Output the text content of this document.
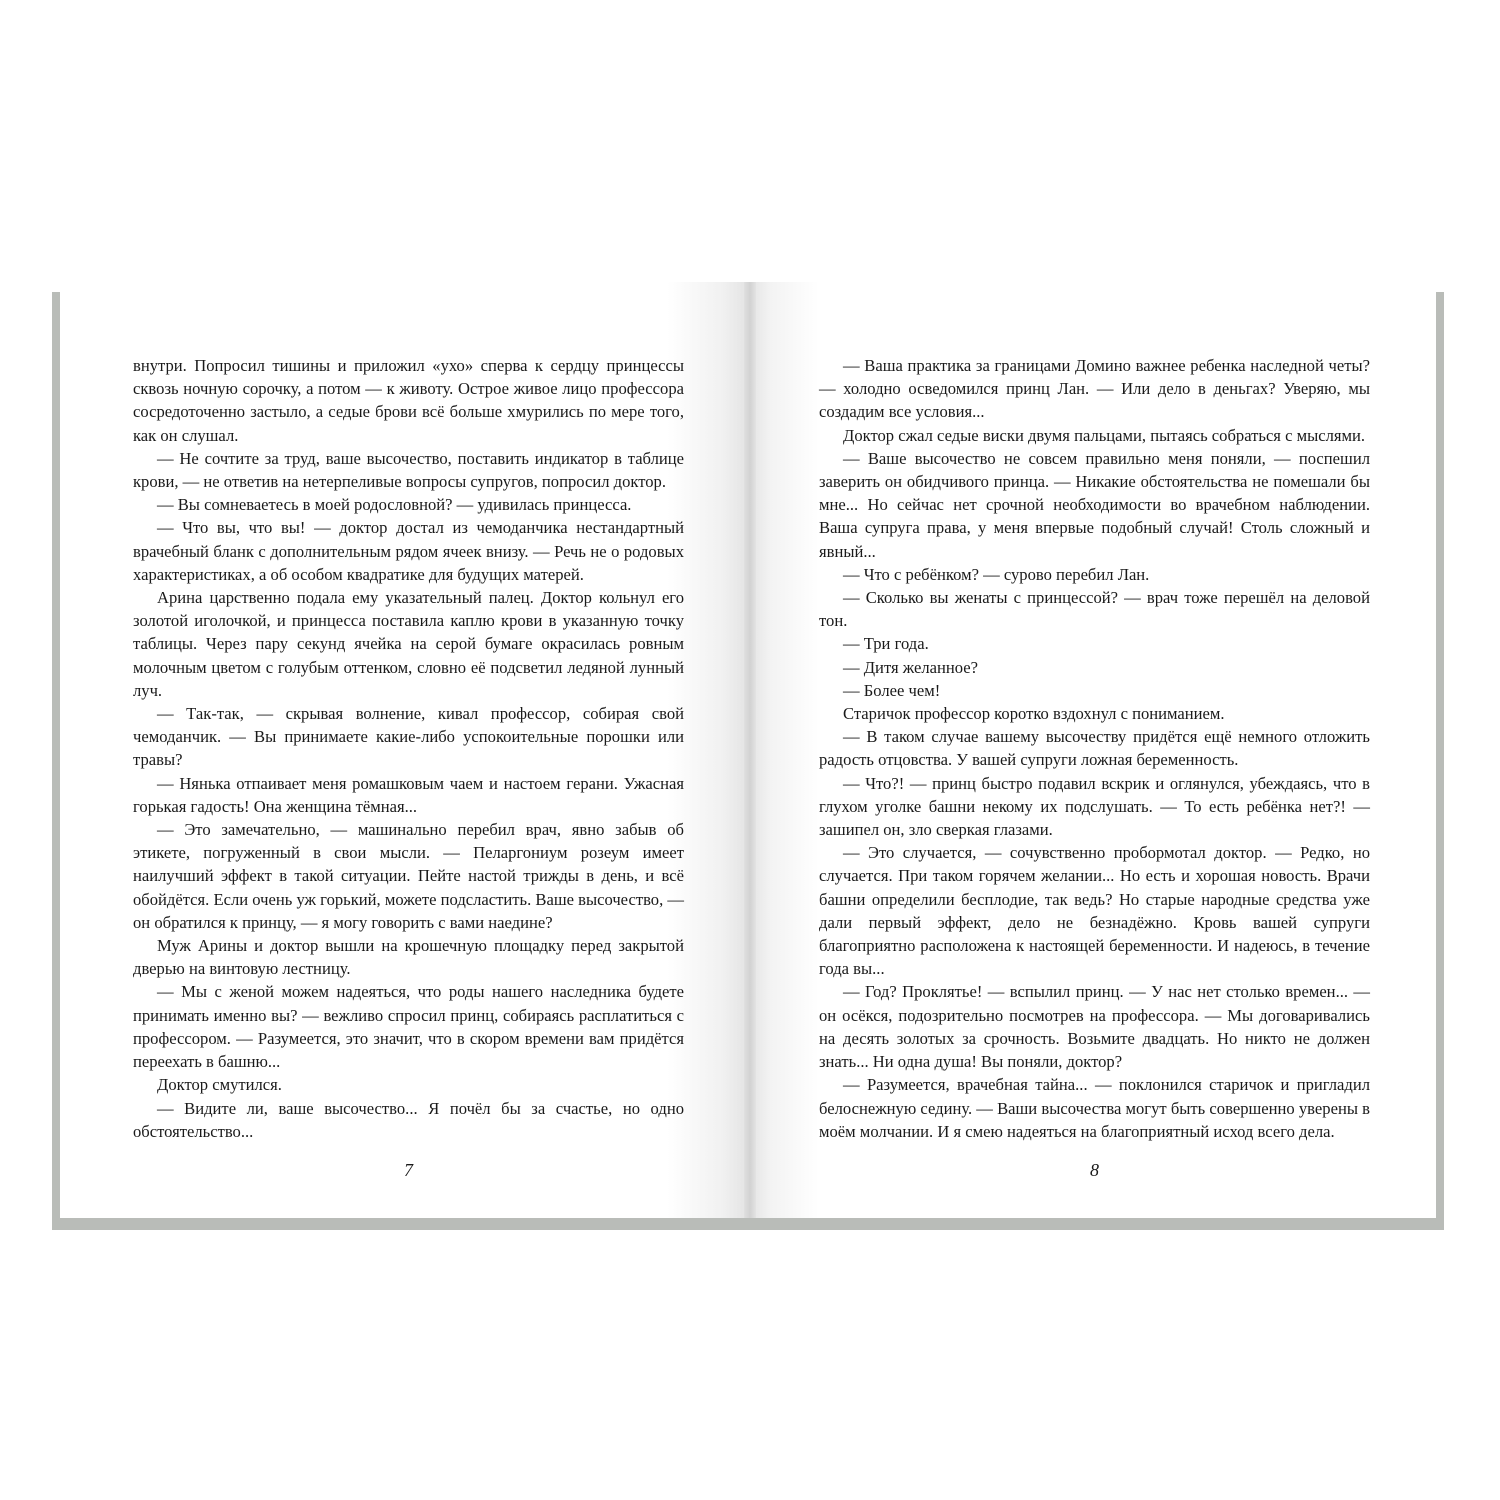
внутри. Попросил тишины и приложил «ухо» сперва к сердцу принцессы сквозь ночную сорочку, а потом — к животу. Острое живое лицо профессора сосредоточенно застыло, а седые брови всё больше хмурились по мере того, как он слушал.

— Не сочтите за труд, ваше высочество, поставить индикатор в таблице крови, — не ответив на нетерпеливые вопросы супругов, попросил доктор.

— Вы сомневаетесь в моей родословной? — удивилась принцесса.

— Что вы, что вы! — доктор достал из чемоданчика нестандартный врачебный бланк с дополнительным рядом ячеек внизу. — Речь не о родовых характеристиках, а об особом квадратике для будущих матерей.

Арина царственно подала ему указательный палец. Доктор кольнул его золотой иголочкой, и принцесса поставила каплю крови в указанную точку таблицы. Через пару секунд ячейка на серой бумаге окрасилась ровным молочным цветом с голубым оттенком, словно её подсветил ледяной лунный луч.

— Так-так, — скрывая волнение, кивал профессор, собирая свой чемоданчик. — Вы принимаете какие-либо успокоительные порошки или травы?

— Нянька отпаивает меня ромашковым чаем и настоем герани. Ужасная горькая гадость! Она женщина тёмная...

— Это замечательно, — машинально перебил врач, явно забыв об этикете, погруженный в свои мысли. — Пеларгониум розеум имеет наилучший эффект в такой ситуации. Пейте настой трижды в день, и всё обойдётся. Если очень уж горький, можете подсластить. Ваше высочество, — он обратился к принцу, — я могу говорить с вами наедине?

Муж Арины и доктор вышли на крошечную площадку перед закрытой дверью на винтовую лестницу.

— Мы с женой можем надеяться, что роды нашего наследника будете принимать именно вы? — вежливо спросил принц, собираясь расплатиться с профессором. — Разумеется, это значит, что в скором времени вам придётся переехать в башню...

Доктор смутился.

— Видите ли, ваше высочество... Я почёл бы за счастье, но одно обстоятельство...

7

— Ваша практика за границами Домино важнее ребенка наследной четы? — холодно осведомился принц Лан. — Или дело в деньгах? Уверяю, мы создадим все условия...

Доктор сжал седые виски двумя пальцами, пытаясь собраться с мыслями.

— Ваше высочество не совсем правильно меня поняли, — поспешил заверить он обидчивого принца. — Никакие обстоятельства не помешали бы мне... Но сейчас нет срочной необходимости во врачебном наблюдении. Ваша супруга права, у меня впервые подобный случай! Столь сложный и явный...

— Что с ребёнком? — сурово перебил Лан.

— Сколько вы женаты с принцессой? — врач тоже перешёл на деловой тон.

— Три года.

— Дитя желанное?

— Более чем!

Старичок профессор коротко вздохнул с пониманием.

— В таком случае вашему высочеству придётся ещё немного отложить радость отцовства. У вашей супруги ложная беременность.

— Что?! — принц быстро подавил вскрик и оглянулся, убеждаясь, что в глухом уголке башни некому их подслушать. — То есть ребёнка нет?! — зашипел он, зло сверкая глазами.

— Это случается, — сочувственно пробормотал доктор. — Редко, но случается. При таком горячем желании... Но есть и хорошая новость. Врачи башни определили бесплодие, так ведь? Но старые народные средства уже дали первый эффект, дело не безнадёжно. Кровь вашей супруги благоприятно расположена к настоящей беременности. И надеюсь, в течение года вы...

— Год? Проклятье! — вспылил принц. — У нас нет столько времен... — он осёкся, подозрительно посмотрев на профессора. — Мы договаривались на десять золотых за срочность. Возьмите двадцать. Но никто не должен знать... Ни одна душа! Вы поняли, доктор?

— Разумеется, врачебная тайна... — поклонился старичок и пригладил белоснежную седину. — Ваши высочества могут быть совершенно уверены в моём молчании. И я смею надеяться на благоприятный исход всего дела.

8
